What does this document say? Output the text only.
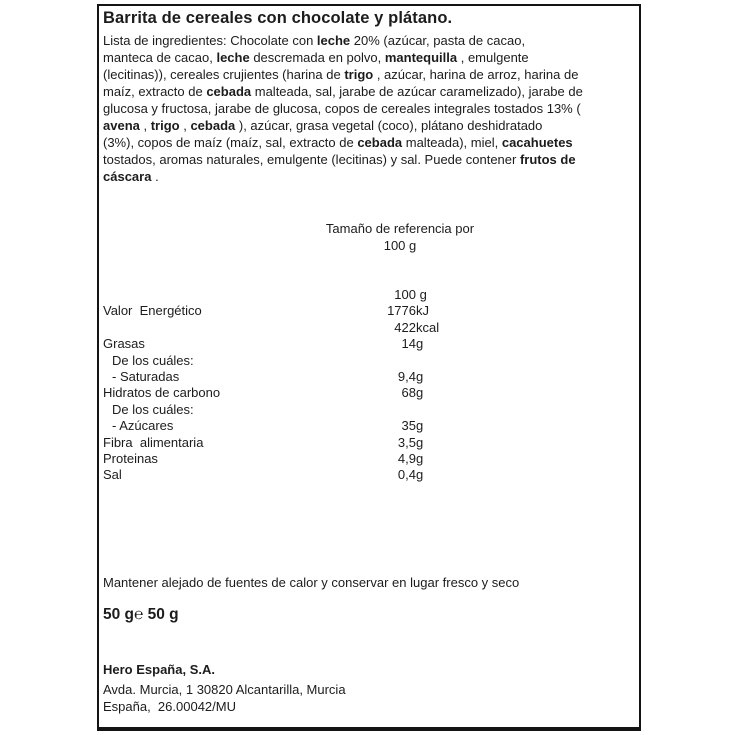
Barrita de cereales con chocolate y plátano.
Lista de ingredientes: Chocolate con leche 20% (azúcar, pasta de cacao,
manteca de cacao, leche descremada en polvo, mantequilla , emulgente
(lecitinas)), cereales crujientes (harina de trigo , azúcar, harina de arroz, harina de
maíz, extracto de cebada malteada, sal, jarabe de azúcar caramelizado), jarabe de
glucosa y fructosa, jarabe de glucosa, copos de cereales integrales tostados 13% (
avena , trigo , cebada ), azúcar, grasa vegetal (coco), plátano deshidratado
(3%), copos de maíz (maíz, sal, extracto de cebada malteada), miel, cacahuetes
tostados, aromas naturales, emulgente (lecitinas) y sal. Puede contener frutos de
cáscara .
Tamaño de referencia por
100 g
100 g
Valor  Energético	1776 kJ
422 kcal
Grasas	14 g
De los cuáles:
- Saturadas	9,4 g
Hidratos de carbono	68 g
De los cuáles:
- Azúcares	35 g
Fibra  alimentaria	3,5 g
Proteinas	4,9 g
Sal	0,4 g
Mantener alejado de fuentes de calor y conservar en lugar fresco y seco
50 g℮ 50 g
Hero España, S.A.
Avda. Murcia, 1 30820 Alcantarilla, Murcia
España,  26.00042/MU
